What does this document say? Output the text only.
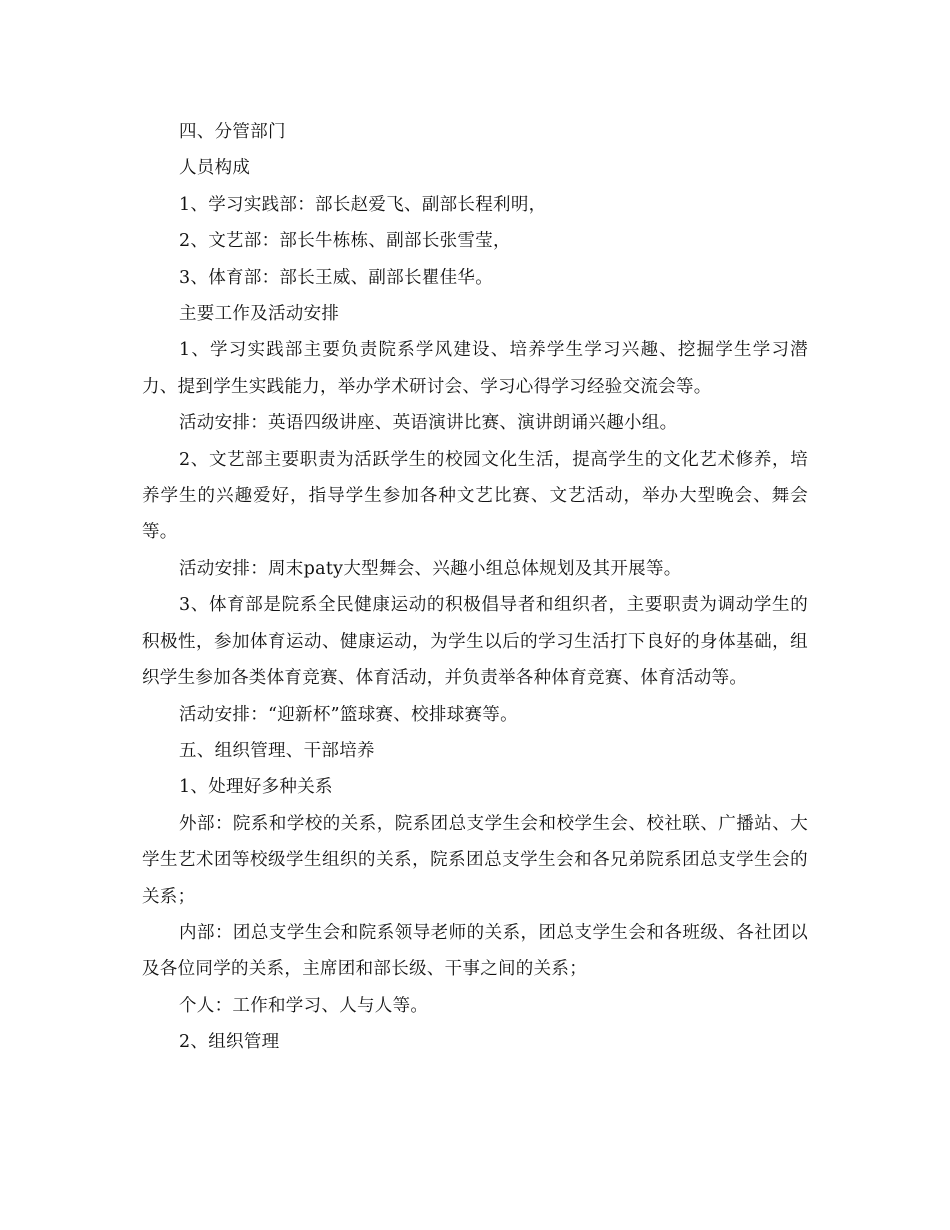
四、分管部门

人员构成

1、学习实践部：部长赵爱飞、副部长程利明，

2、文艺部：部长牛栋栋、副部长张雪莹，

3、体育部：部长王威、副部长瞿佳华。

主要工作及活动安排

1、学习实践部主要负责院系学风建设、培养学生学习兴趣、挖掘学生学习潜力、提到学生实践能力，举办学术研讨会、学习心得学习经验交流会等。

活动安排：英语四级讲座、英语演讲比赛、演讲朗诵兴趣小组。

2、文艺部主要职责为活跃学生的校园文化生活，提高学生的文化艺术修养，培养学生的兴趣爱好，指导学生参加各种文艺比赛、文艺活动，举办大型晚会、舞会等。

活动安排：周末paty大型舞会、兴趣小组总体规划及其开展等。

3、体育部是院系全民健康运动的积极倡导者和组织者，主要职责为调动学生的积极性，参加体育运动、健康运动，为学生以后的学习生活打下良好的身体基础，组织学生参加各类体育竞赛、体育活动，并负责举各种体育竞赛、体育活动等。

活动安排：“迎新杯”篮球赛、校排球赛等。

五、组织管理、干部培养

1、处理好多种关系

外部：院系和学校的关系，院系团总支学生会和校学生会、校社联、广播站、大学生艺术团等校级学生组织的关系，院系团总支学生会和各兄弟院系团总支学生会的关系；

内部：团总支学生会和院系领导老师的关系，团总支学生会和各班级、各社团以及各位同学的关系，主席团和部长级、干事之间的关系；

个人：工作和学习、人与人等。

2、组织管理
